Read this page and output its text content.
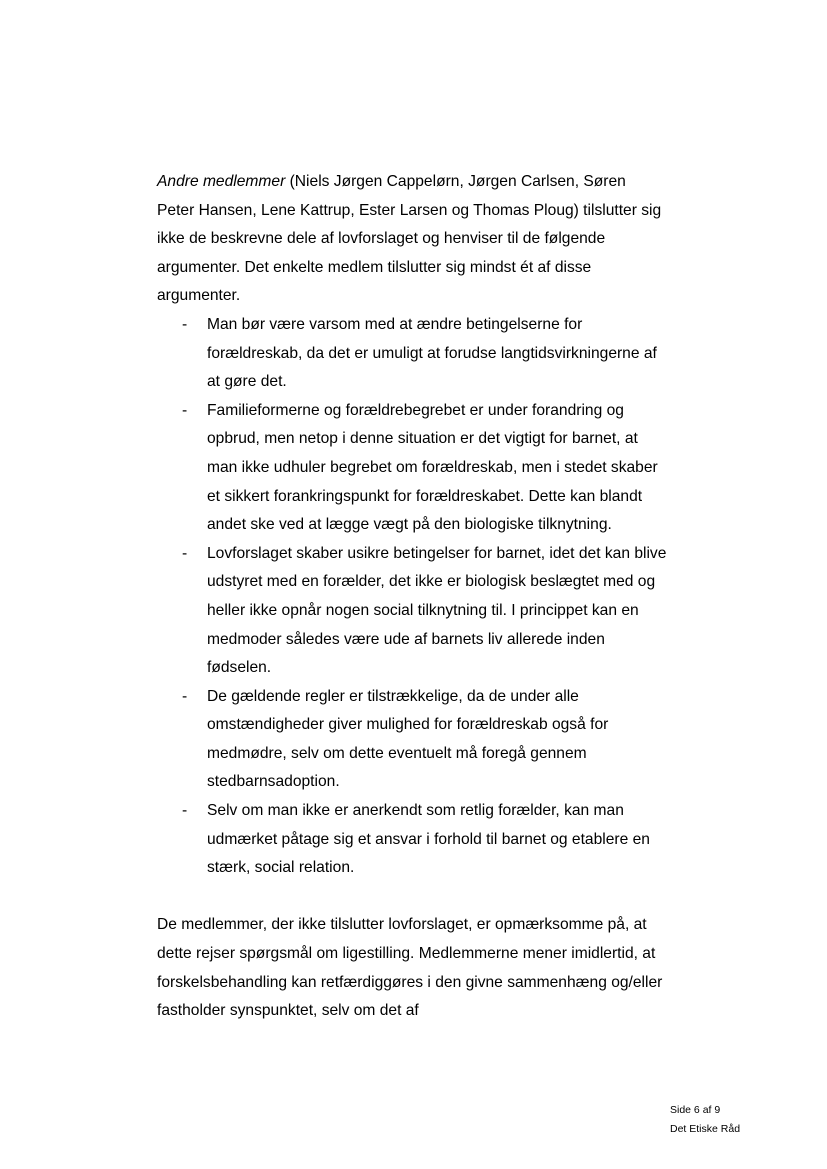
Andre medlemmer (Niels Jørgen Cappelørn, Jørgen Carlsen, Søren Peter Hansen, Lene Kattrup, Ester Larsen og Thomas Ploug) tilslutter sig ikke de beskrevne dele af lovforslaget og henviser til de følgende argumenter. Det enkelte medlem tilslutter sig mindst ét af disse argumenter.

- Man bør være varsom med at ændre betingelserne for forældreskab, da det er umuligt at forudse langtidsvirkningerne af at gøre det.
- Familieformerne og forældrebegrebet er under forandring og opbrud, men netop i denne situation er det vigtigt for barnet, at man ikke udhuler begrebet om forældreskab, men i stedet skaber et sikkert forankringspunkt for forældreskabet. Dette kan blandt andet ske ved at lægge vægt på den biologiske tilknytning.
- Lovforslaget skaber usikre betingelser for barnet, idet det kan blive udstyret med en forælder, det ikke er biologisk beslægtet med og heller ikke opnår nogen social tilknytning til. I princippet kan en medmoder således være ude af barnets liv allerede inden fødselen.
- De gældende regler er tilstrækkelige, da de under alle omstændigheder giver mulighed for forældreskab også for medmødre, selv om dette eventuelt må foregå gennem stedbarnsadoption.
- Selv om man ikke er anerkendt som retlig forælder, kan man udmærket påtage sig et ansvar i forhold til barnet og etablere en stærk, social relation.

De medlemmer, der ikke tilslutter lovforslaget, er opmærksomme på, at dette rejser spørgsmål om ligestilling. Medlemmerne mener imidlertid, at forskelsbehandling kan retfærdiggøres i den givne sammenhæng og/eller fastholder synspunktet, selv om det af

Side 6 af 9
Det Etiske Råd
